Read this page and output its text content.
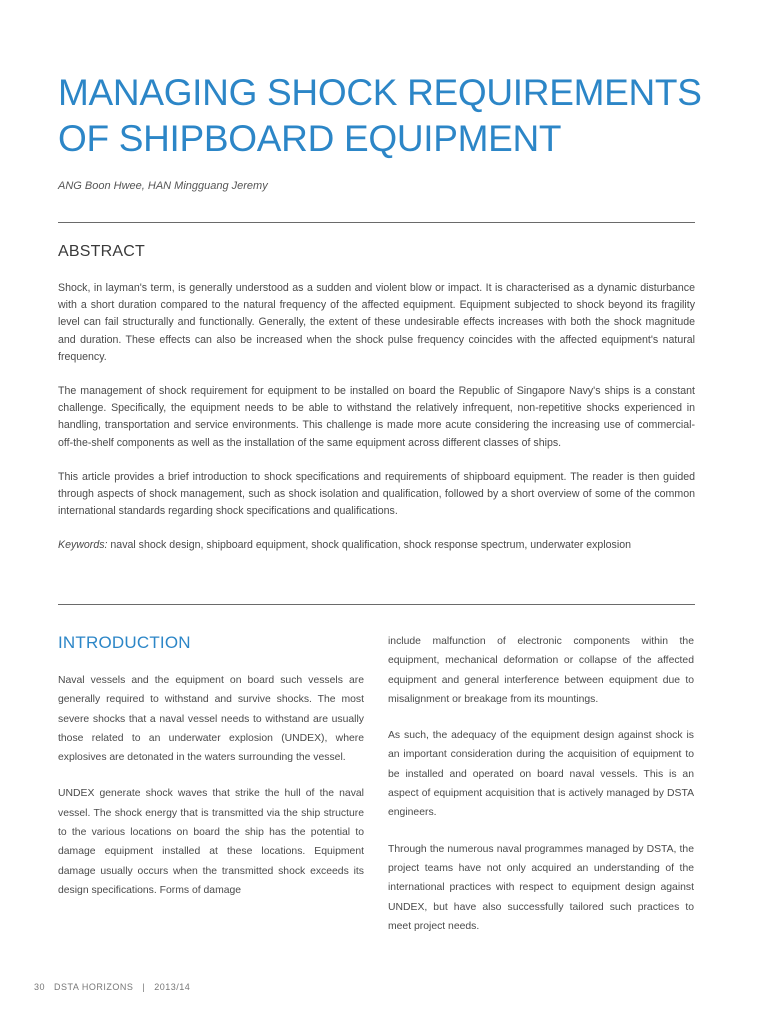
MANAGING SHOCK REQUIREMENTS
OF SHIPBOARD EQUIPMENT
ANG Boon Hwee, HAN Mingguang Jeremy
ABSTRACT

Shock, in layman's term, is generally understood as a sudden and violent blow or impact. It is characterised as a dynamic disturbance with a short duration compared to the natural frequency of the affected equipment. Equipment subjected to shock beyond its fragility level can fail structurally and functionally. Generally, the extent of these undesirable effects increases with both the shock magnitude and duration. These effects can also be increased when the shock pulse frequency coincides with the affected equipment's natural frequency.

The management of shock requirement for equipment to be installed on board the Republic of Singapore Navy's ships is a constant challenge. Specifically, the equipment needs to be able to withstand the relatively infrequent, non-repetitive shocks experienced in handling, transportation and service environments. This challenge is made more acute considering the increasing use of commercial-off-the-shelf components as well as the installation of the same equipment across different classes of ships.

This article provides a brief introduction to shock specifications and requirements of shipboard equipment. The reader is then guided through aspects of shock management, such as shock isolation and qualification, followed by a short overview of some of the common international standards regarding shock specifications and qualifications.

Keywords: naval shock design, shipboard equipment, shock qualification, shock response spectrum, underwater explosion

INTRODUCTION

Naval vessels and the equipment on board such vessels are generally required to withstand and survive shocks. The most severe shocks that a naval vessel needs to withstand are usually those related to an underwater explosion (UNDEX), where explosives are detonated in the waters surrounding the vessel.

UNDEX generate shock waves that strike the hull of the naval vessel. The shock energy that is transmitted via the ship structure to the various locations on board the ship has the potential to damage equipment installed at these locations. Equipment damage usually occurs when the transmitted shock exceeds its design specifications. Forms of damage

include malfunction of electronic components within the equipment, mechanical deformation or collapse of the affected equipment and general interference between equipment due to misalignment or breakage from its mountings.

As such, the adequacy of the equipment design against shock is an important consideration during the acquisition of equipment to be installed and operated on board naval vessels. This is an aspect of equipment acquisition that is actively managed by DSTA engineers.

Through the numerous naval programmes managed by DSTA, the project teams have not only acquired an understanding of the international practices with respect to equipment design against UNDEX, but have also successfully tailored such practices to meet project needs.

30 DSTA HORIZONS | 2013/14
